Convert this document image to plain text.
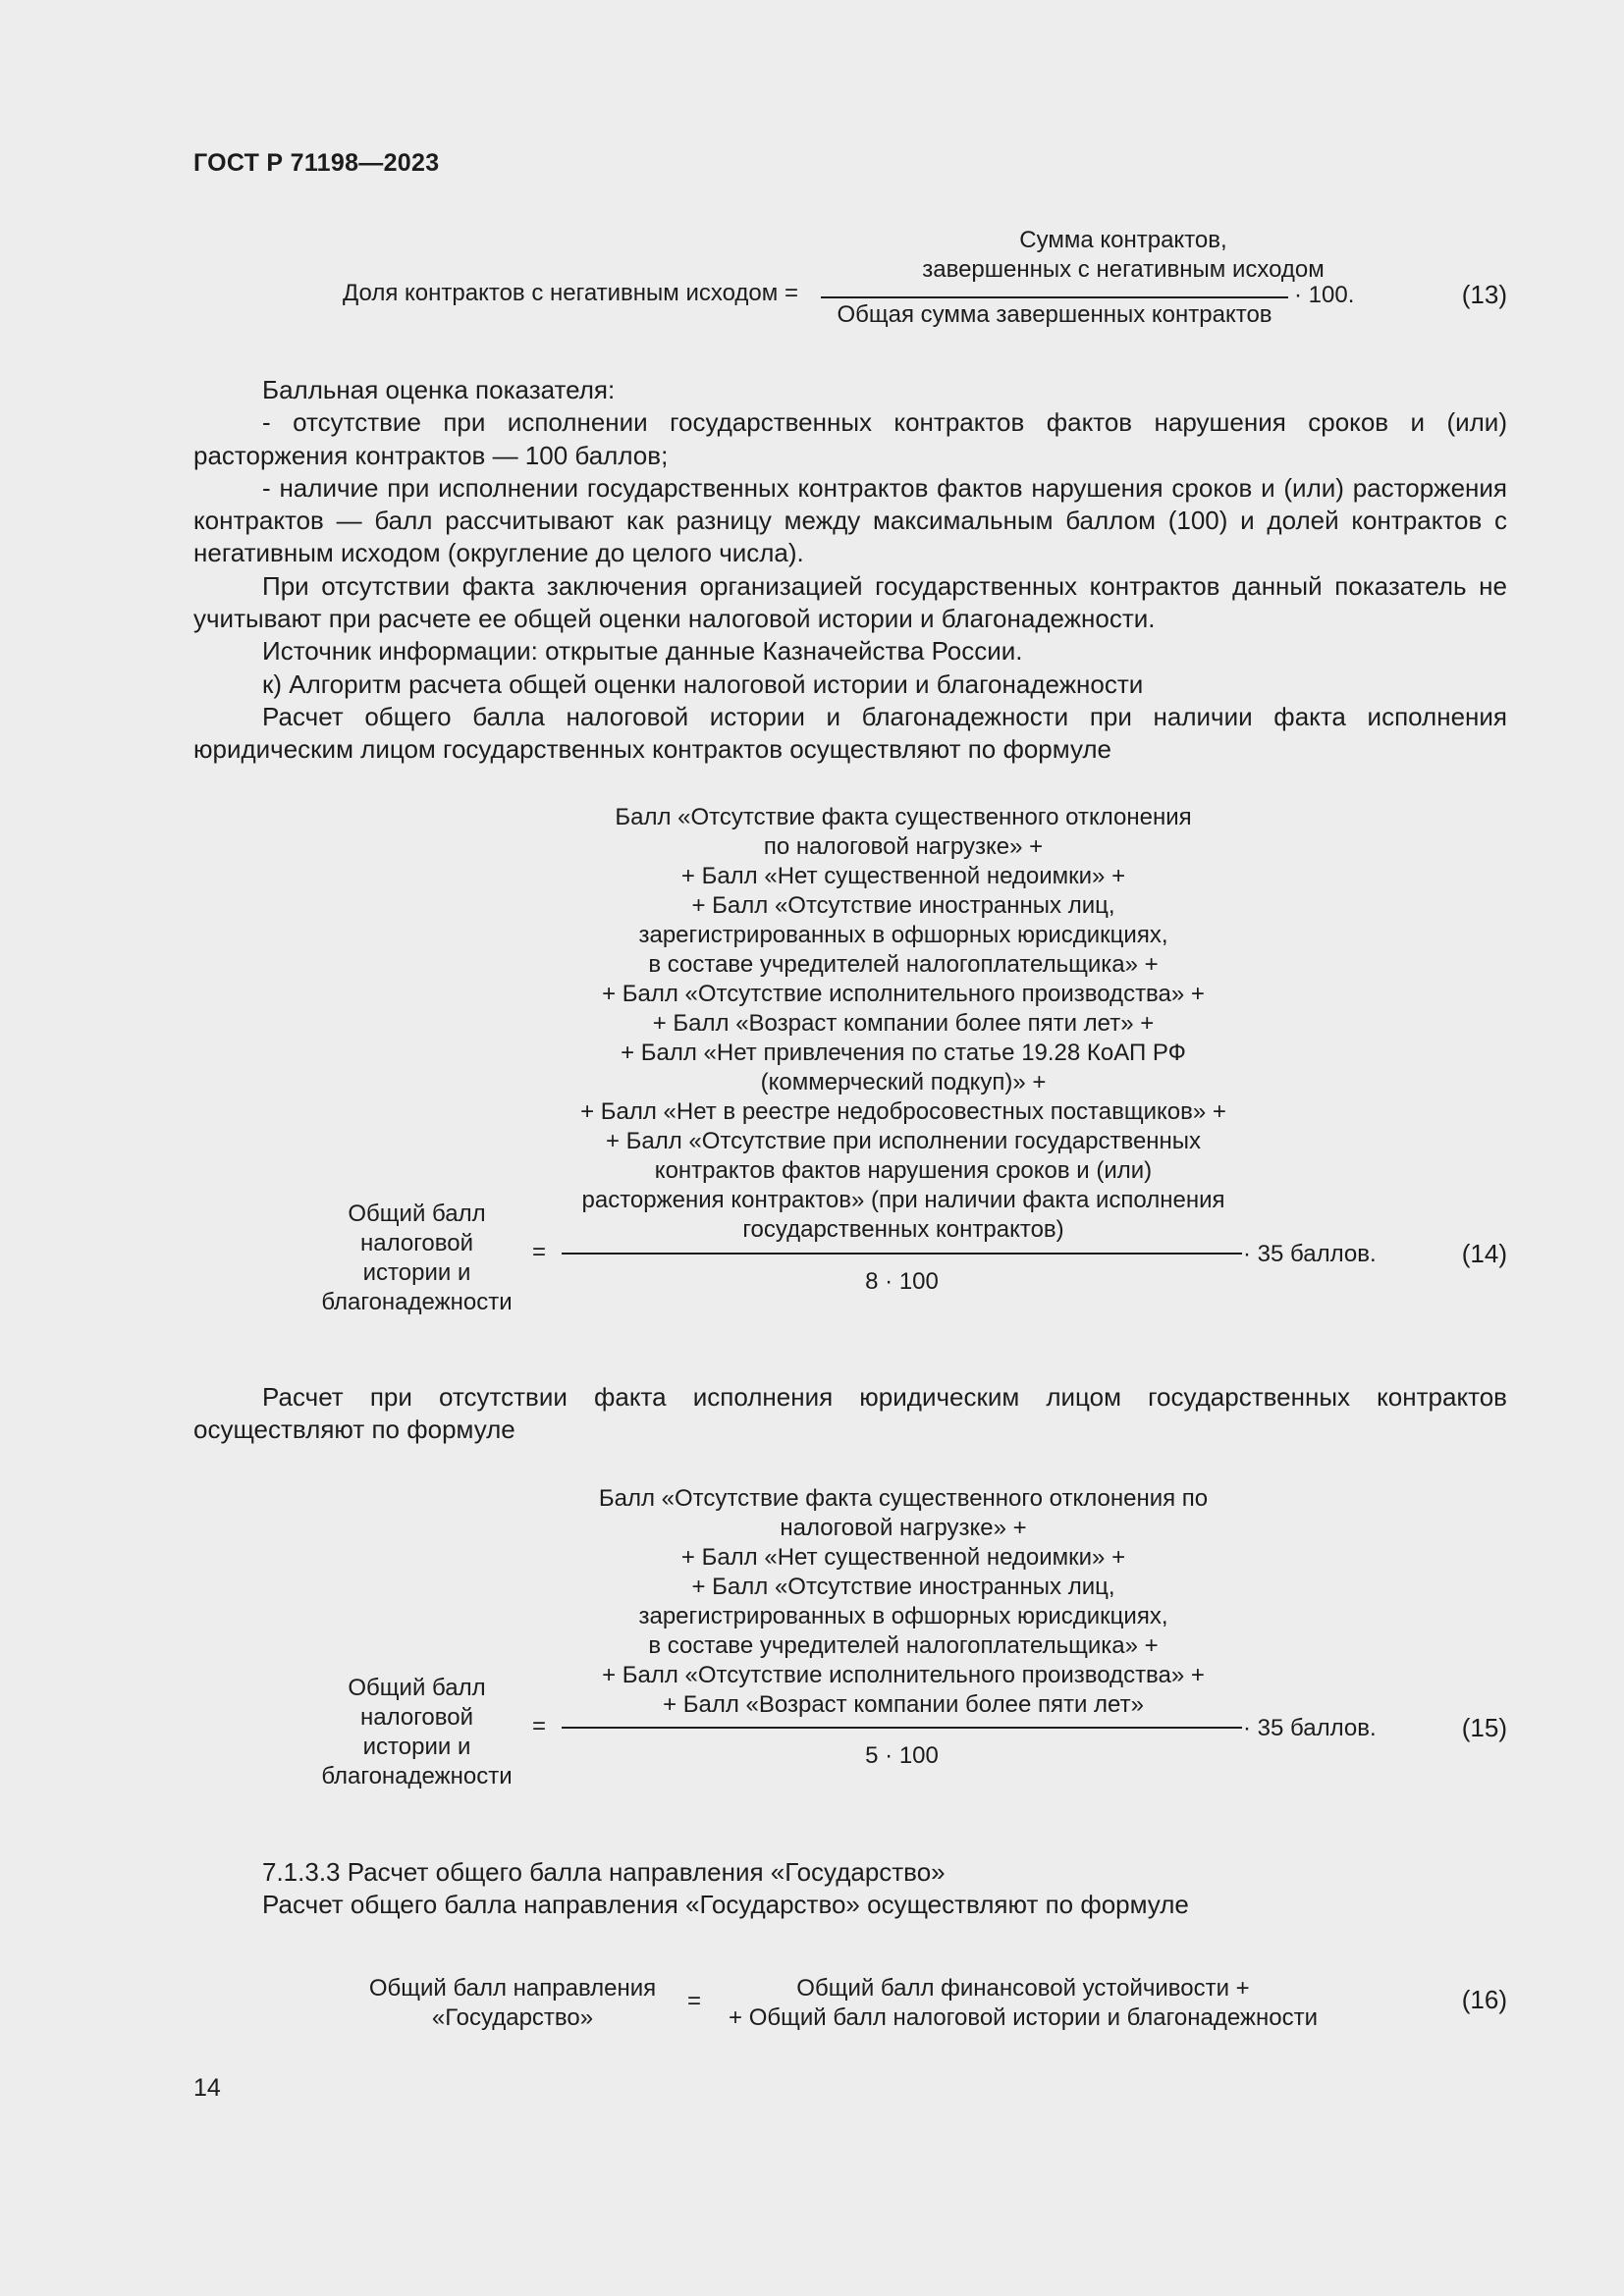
ГОСТ Р 71198—2023
Доля контрактов с негативным исходом =
Сумма контрактов,
завершенных с негативным исходом
Общая сумма завершенных контрактов
· 100.	(13)

Балльная оценка показателя:

- отсутствие при исполнении государственных контрактов фактов нарушения сроков и (или) расторжения контрактов — 100 баллов;

- наличие при исполнении государственных контрактов фактов нарушения сроков и (или) расторжения контрактов — балл рассчитывают как разницу между максимальным баллом (100) и долей контрактов с негативным исходом (округление до целого числа).

При отсутствии факта заключения организацией государственных контрактов данный показатель не учитывают при расчете ее общей оценки налоговой истории и благонадежности.

Источник информации: открытые данные Казначейства России.

к) Алгоритм расчета общей оценки налоговой истории и благонадежности

Расчет общего балла налоговой истории и благонадежности при наличии факта исполнения юридическим лицом государственных контрактов осуществляют по формуле

Балл «Отсутствие факта существенного отклонения
по налоговой нагрузке» +
+ Балл «Нет существенной недоимки» +
+ Балл «Отсутствие иностранных лиц,
зарегистрированных в офшорных юрисдикциях,
в составе учредителей налогоплательщика» +
+ Балл «Отсутствие исполнительного производства» +
+ Балл «Возраст компании более пяти лет» +
+ Балл «Нет привлечения по статье 19.28 КоАП РФ
(коммерческий подкуп)» +
+ Балл «Нет в реестре недобросовестных поставщиков» +
+ Балл «Отсутствие при исполнении государственных
контрактов фактов нарушения сроков и (или)
расторжения контрактов» (при наличии факта исполнения
государственных контрактов)
8 · 100
Общий балл
налоговой
истории и
благонадежности
=	· 35 баллов.	(14)

Расчет при отсутствии факта исполнения юридическим лицом государственных контрактов осуществляют по формуле

Балл «Отсутствие факта существенного отклонения по
налоговой нагрузке» +
+ Балл «Нет существенной недоимки» +
+ Балл «Отсутствие иностранных лиц,
зарегистрированных в офшорных юрисдикциях,
в составе учредителей налогоплательщика» +
+ Балл «Отсутствие исполнительного производства» +
+ Балл «Возраст компании более пяти лет»
5 · 100
Общий балл
налоговой
истории и
благонадежности
=	· 35 баллов.	(15)
7.1.3.3 Расчет общего балла направления «Государство»
Расчет общего балла направления «Государство» осуществляют по формуле
Общий балл направления
«Государство»
=	Общий балл финансовой устойчивости +
+ Общий балл налоговой истории и благонадежности
(16)
14
